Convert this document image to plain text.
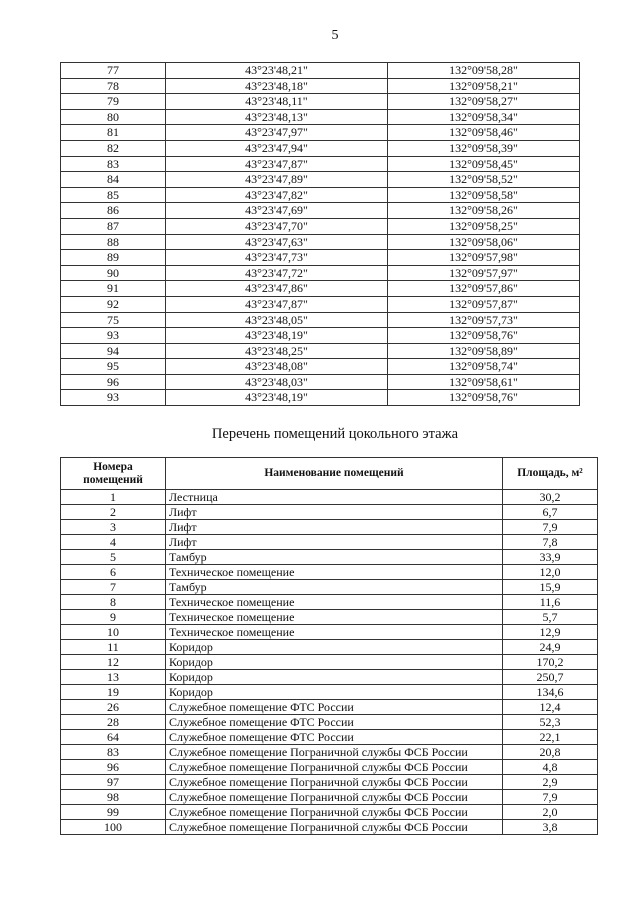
5
77	43°23'48,21"	132°09'58,28"
78	43°23'48,18"	132°09'58,21"
79	43°23'48,11"	132°09'58,27"
80	43°23'48,13"	132°09'58,34"
81	43°23'47,97"	132°09'58,46"
82	43°23'47,94"	132°09'58,39"
83	43°23'47,87"	132°09'58,45"
84	43°23'47,89"	132°09'58,52"
85	43°23'47,82"	132°09'58,58"
86	43°23'47,69"	132°09'58,26"
87	43°23'47,70"	132°09'58,25"
88	43°23'47,63"	132°09'58,06"
89	43°23'47,73"	132°09'57,98"
90	43°23'47,72"	132°09'57,97"
91	43°23'47,86"	132°09'57,86"
92	43°23'47,87"	132°09'57,87"
75	43°23'48,05"	132°09'57,73"
93	43°23'48,19"	132°09'58,76"
94	43°23'48,25"	132°09'58,89"
95	43°23'48,08"	132°09'58,74"
96	43°23'48,03"	132°09'58,61"
93	43°23'48,19"	132°09'58,76"
Перечень помещений цокольного этажа
Номера помещений	Наименование помещений	Площадь, м²
1	Лестница	30,2
2	Лифт	6,7
3	Лифт	7,9
4	Лифт	7,8
5	Тамбур	33,9
6	Техническое помещение	12,0
7	Тамбур	15,9
8	Техническое помещение	11,6
9	Техническое помещение	5,7
10	Техническое помещение	12,9
11	Коридор	24,9
12	Коридор	170,2
13	Коридор	250,7
19	Коридор	134,6
26	Служебное помещение ФТС России	12,4
28	Служебное помещение ФТС России	52,3
64	Служебное помещение ФТС России	22,1
83	Служебное помещение Пограничной службы ФСБ России	20,8
96	Служебное помещение Пограничной службы ФСБ России	4,8
97	Служебное помещение Пограничной службы ФСБ России	2,9
98	Служебное помещение Пограничной службы ФСБ России	7,9
99	Служебное помещение Пограничной службы ФСБ России	2,0
100	Служебное помещение Пограничной службы ФСБ России	3,8
